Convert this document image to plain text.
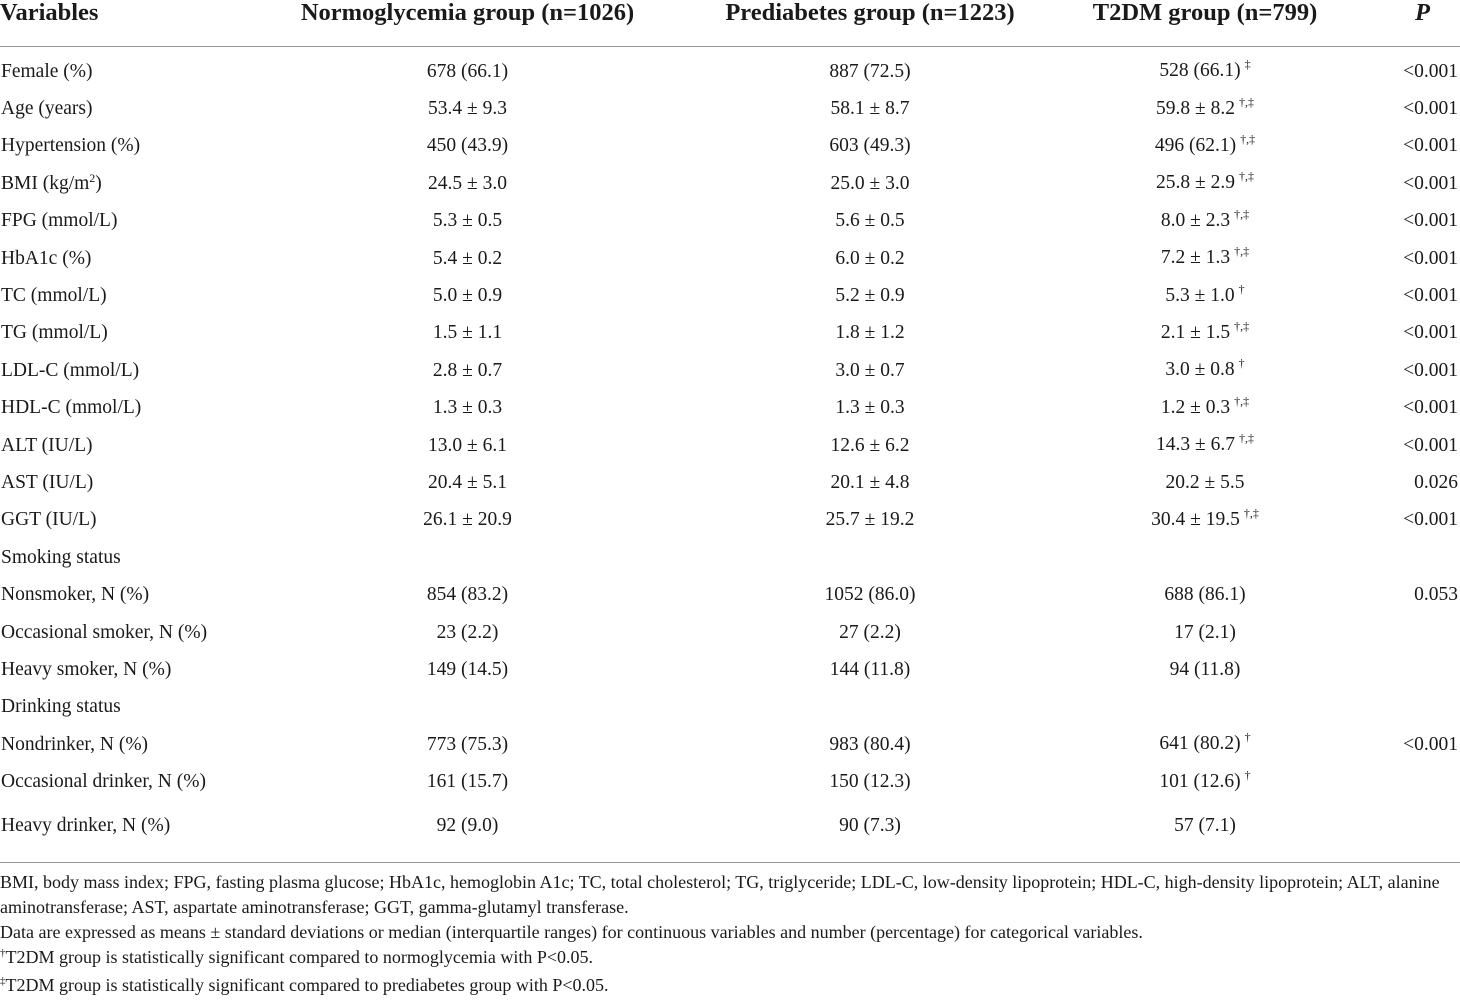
Variables	Normoglycemia group (n=1026)	Prediabetes group (n=1223)	T2DM group (n=799)	P
Female (%)	678 (66.1)	887 (72.5)	528 (66.1) ‡	<0.001
Age (years)	53.4 ± 9.3	58.1 ± 8.7	59.8 ± 8.2 †,‡	<0.001
Hypertension (%)	450 (43.9)	603 (49.3)	496 (62.1) †,‡	<0.001
BMI $(kg/m^2)$	24.5 ± 3.0	25.0 ± 3.0	25.8 ± 2.9 †,‡	<0.001
FPG (mmol/L)	5.3 ± 0.5	5.6 ± 0.5	8.0 ± 2.3 †,‡	<0.001
HbA1c (%)	5.4 ± 0.2	6.0 ± 0.2	7.2 ± 1.3 †,‡	<0.001
TC (mmol/L)	5.0 ± 0.9	5.2 ± 0.9	5.3 ± 1.0 †	<0.001
TG (mmol/L)	1.5 ± 1.1	1.8 ± 1.2	2.1 ± 1.5 †,‡	<0.001
LDL-C (mmol/L)	2.8 ± 0.7	3.0 ± 0.7	3.0 ± 0.8 †	<0.001
HDL-C (mmol/L)	1.3 ± 0.3	1.3 ± 0.3	1.2 ± 0.3 †,‡	<0.001
ALT (IU/L)	13.0 ± 6.1	12.6 ± 6.2	14.3 ± 6.7 †,‡	<0.001
AST (IU/L)	20.4 ± 5.1	20.1 ± 4.8	20.2 ± 5.5	0.026
GGT (IU/L)	26.1 ± 20.9	25.7 ± 19.2	30.4 ± 19.5 †,‡	<0.001
Smoking status				
Nonsmoker, N (%)	854 (83.2)	1052 (86.0)	688 (86.1)	0.053
Occasional smoker, N (%)	23 (2.2)	27 (2.2)	17 (2.1)	
Heavy smoker, N (%)	149 (14.5)	144 (11.8)	94 (11.8)	
Drinking status				
Nondrinker, N (%)	773 (75.3)	983 (80.4)	641 (80.2) †	<0.001
Occasional drinker, N (%)	161 (15.7)	150 (12.3)	101 (12.6) †	
Heavy drinker, N (%)	92 (9.0)	90 (7.3)	57 (7.1)	

BMI, body mass index; FPG, fasting plasma glucose; HbA1c, hemoglobin A1c; TC, total cholesterol; TG, triglyceride; LDL-C, low-density lipoprotein; HDL-C, high-density lipoprotein; ALT, alanine aminotransferase; AST, aspartate aminotransferase; GGT, gamma-glutamyl transferase.

Data are expressed as means ± standard deviations or median (interquartile ranges) for continuous variables and number (percentage) for categorical variables.

†T2DM group is statistically significant compared to normoglycemia with P<0.05.

‡T2DM group is statistically significant compared to prediabetes group with P<0.05.
